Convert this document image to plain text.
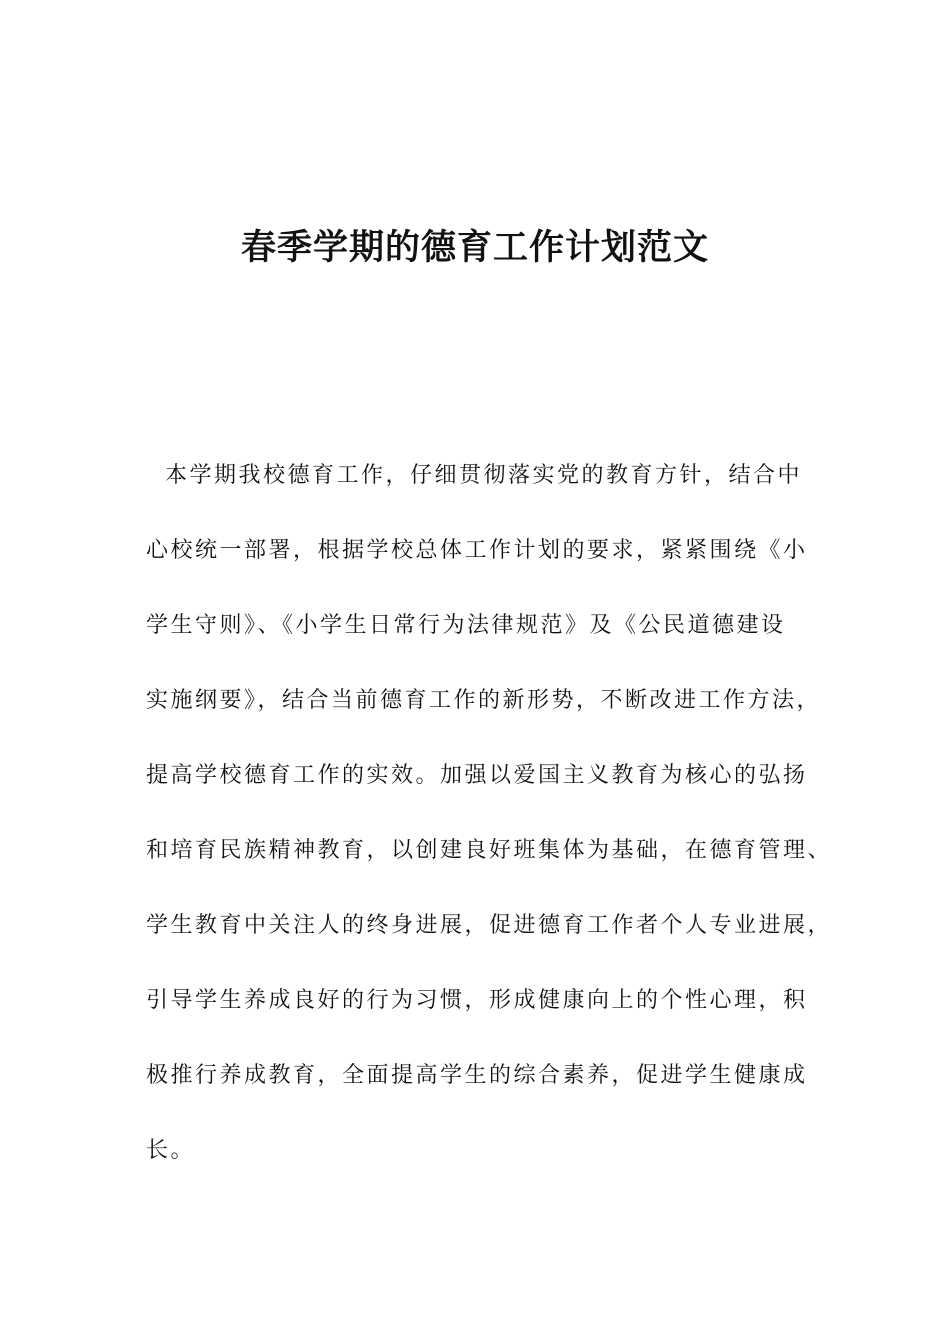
春季学期的德育工作计划范文
本学期我校德育工作，仔细贯彻落实党的教育方针，结合中
心校统一部署，根据学校总体工作计划的要求，紧紧围绕《小
学生守则》、《小学生日常行为法律规范》及《公民道德建设
实施纲要》，结合当前德育工作的新形势，不断改进工作方法，
提高学校德育工作的实效。加强以爱国主义教育为核心的弘扬
和培育民族精神教育，以创建良好班集体为基础，在德育管理、
学生教育中关注人的终身进展，促进德育工作者个人专业进展，
引导学生养成良好的行为习惯，形成健康向上的个性心理，积
极推行养成教育，全面提高学生的综合素养，促进学生健康成
长。
